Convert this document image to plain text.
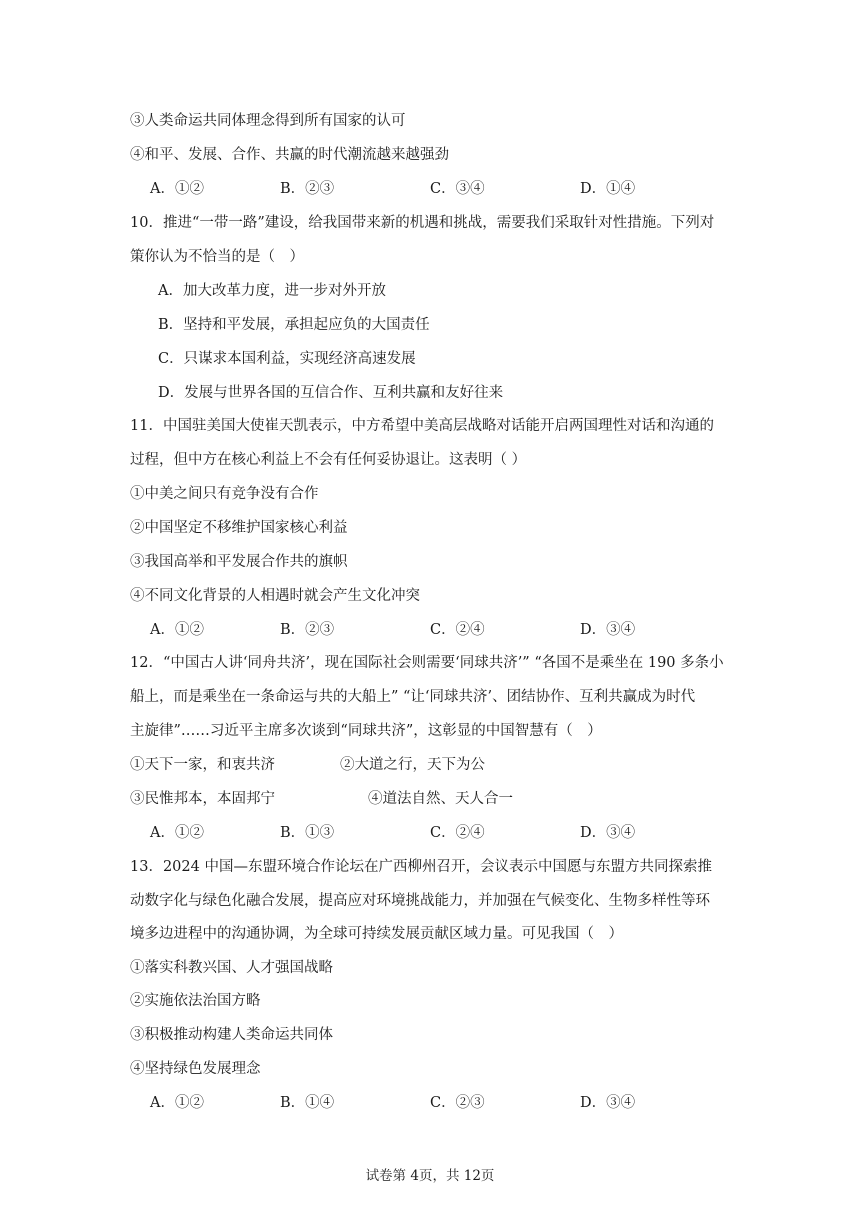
③人类命运共同体理念得到所有国家的认可
④和平、发展、合作、共赢的时代潮流越来越强劲
A．①②	B．②③	C．③④	D．①④
10．推进“一带一路”建设，给我国带来新的机遇和挑战，需要我们采取针对性措施。下列对
策你认为不恰当的是（　）
A．加大改革力度，进一步对外开放
B．坚持和平发展，承担起应负的大国责任
C．只谋求本国利益，实现经济高速发展
D．发展与世界各国的互信合作、互利共赢和友好往来
11．中国驻美国大使崔天凯表示，中方希望中美高层战略对话能开启两国理性对话和沟通的
过程，但中方在核心利益上不会有任何妥协退让。这表明（ ）
①中美之间只有竞争没有合作
②中国坚定不移维护国家核心利益
③我国高举和平发展合作共的旗帜
④不同文化背景的人相遇时就会产生文化冲突
A．①②	B．②③	C．②④	D．③④
12．“中国古人讲‘同舟共济’，现在国际社会则需要‘同球共济’” “各国不是乘坐在 190 多条小
船上，而是乘坐在一条命运与共的大船上” “让‘同球共济’、团结协作、互利共赢成为时代
主旋律”……习近平主席多次谈到“同球共济”，这彰显的中国智慧有（　）
①天下一家，和衷共济	②大道之行，天下为公
③民惟邦本，本固邦宁	④道法自然、天人合一
A．①②	B．①③	C．②④	D．③④
13．2024 中国—东盟环境合作论坛在广西柳州召开，会议表示中国愿与东盟方共同探索推
动数字化与绿色化融合发展，提高应对环境挑战能力，并加强在气候变化、生物多样性等环
境多边进程中的沟通协调，为全球可持续发展贡献区域力量。可见我国（　）
①落实科教兴国、人才强国战略
②实施依法治国方略
③积极推动构建人类命运共同体
④坚持绿色发展理念
A．①②	B．①④	C．②③	D．③④
试卷第 4页，共 12页
